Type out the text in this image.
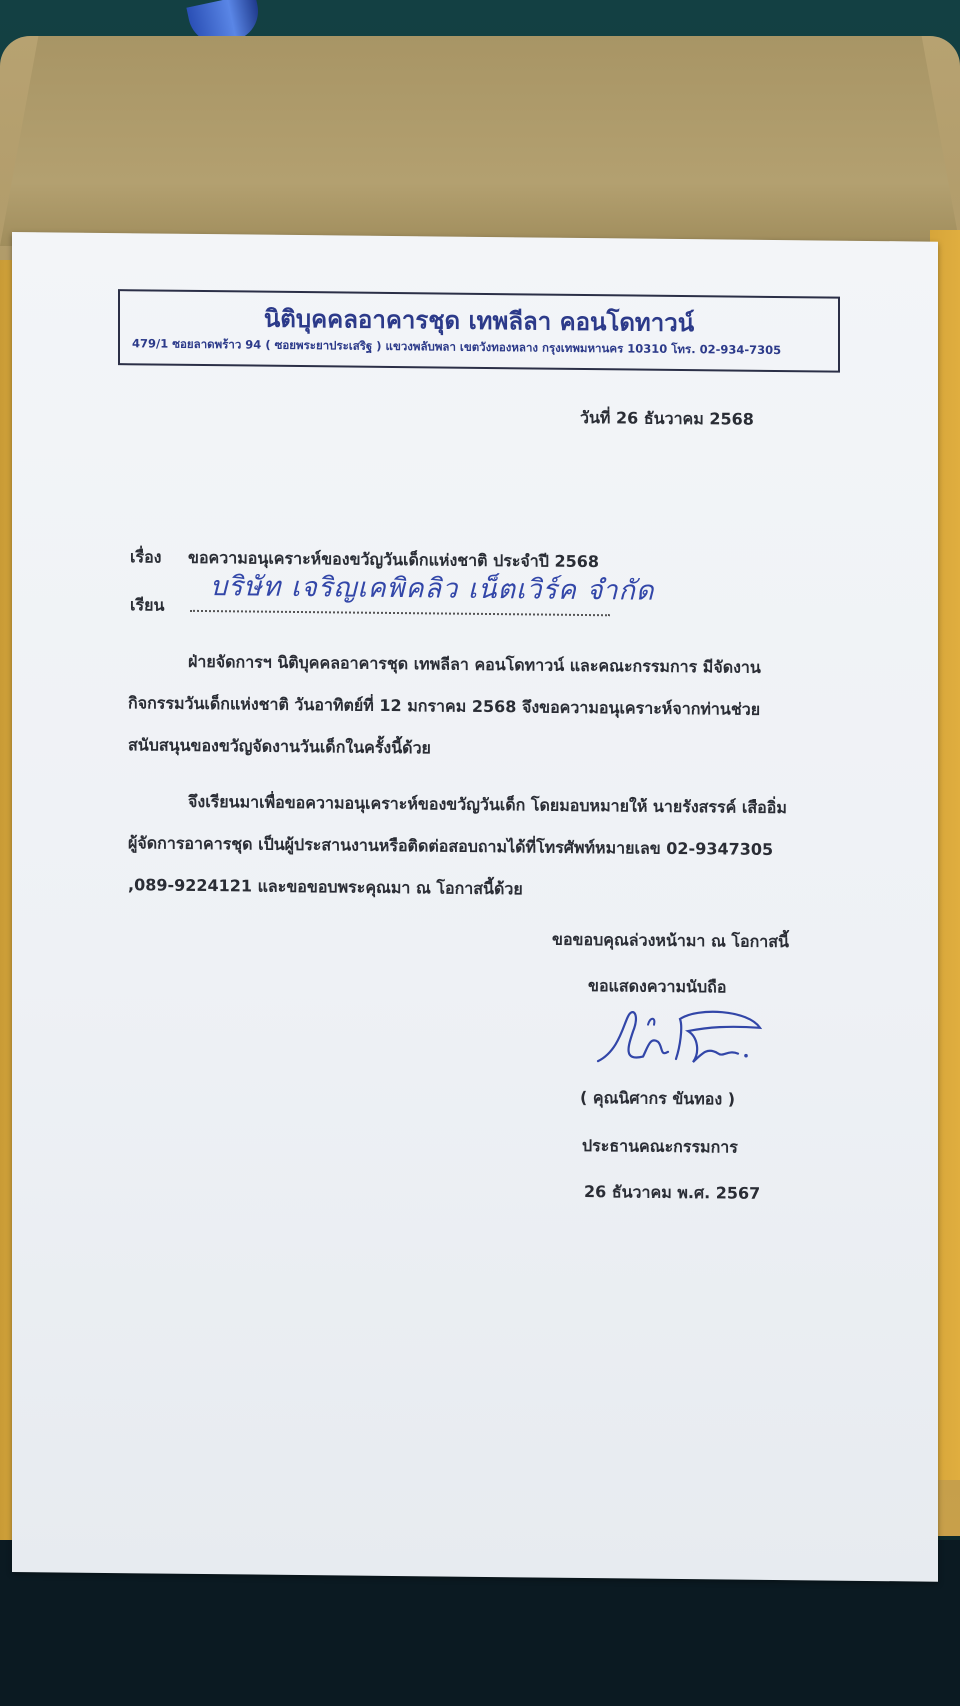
นิติบุคคลอาคารชุด เทพลีลา คอนโดทาวน์
479/1 ซอยลาดพร้าว 94 ( ซอยพระยาประเสริฐ ) แขวงพลับพลา เขตวังทองหลาง กรุงเทพมหานคร 10310 โทร. 02-934-7305
วันที่ 26 ธันวาคม 2568
เรื่อง ขอความอนุเคราะห์ของขวัญวันเด็กแห่งชาติ ประจำปี 2568
เรียน บริษัท เจริญเคพิคลิว เน็ตเวิร์ค จำกัด
ฝ่ายจัดการฯ นิติบุคคลอาคารชุด เทพลีลา คอนโดทาวน์ และคณะกรรมการ มีจัดงาน
กิจกรรมวันเด็กแห่งชาติ วันอาทิตย์ที่ 12 มกราคม 2568 จึงขอความอนุเคราะห์จากท่านช่วย
สนับสนุนของขวัญจัดงานวันเด็กในครั้งนี้ด้วย
จึงเรียนมาเพื่อขอความอนุเคราะห์ของขวัญวันเด็ก โดยมอบหมายให้ นายรังสรรค์ เสืออิ่ม
ผู้จัดการอาคารชุด เป็นผู้ประสานงานหรือติดต่อสอบถามได้ที่โทรศัพท์หมายเลข 02-9347305
,089-9224121 และขอขอบพระคุณมา ณ โอกาสนี้ด้วย
ขอขอบคุณล่วงหน้ามา ณ โอกาสนี้
ขอแสดงความนับถือ
( คุณนิศากร ขันทอง )
ประธานคณะกรรมการ
26 ธันวาคม พ.ศ. 2567
